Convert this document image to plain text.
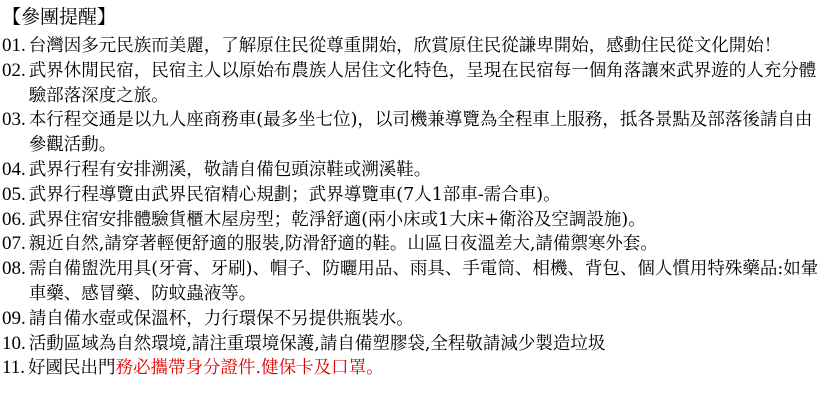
【參團提醒】
01. 台灣因多元民族而美麗，了解原住民從尊重開始，欣賞原住民從謙卑開始，感動住民從文化開始！
02. 武界休閒民宿，民宿主人以原始布農族人居住文化特色，呈現在民宿每一個角落讓來武界遊的人充分體驗部落深度之旅。
03. 本行程交通是以九人座商務車(最多坐七位)，以司機兼導覽為全程車上服務，抵各景點及部落後請自由參觀活動。
04. 武界行程有安排溯溪，敬請自備包頭涼鞋或溯溪鞋。
05. 武界行程導覽由武界民宿精心規劃；武界導覽車(7人1部車-需合車)。
06. 武界住宿安排體驗貨櫃木屋房型；乾淨舒適(兩小床或1大床+衛浴及空調設施)。
07. 親近自然,請穿著輕便舒適的服裝,防滑舒適的鞋。山區日夜溫差大,請備禦寒外套。
08. 需自備盥洗用具(牙膏、牙刷)、帽子、防曬用品、雨具、手電筒、相機、背包、個人慣用特殊藥品:如暈車藥、感冒藥、防蚊蟲液等。
09. 請自備水壺或保溫杯，力行環保不另提供瓶裝水。
10. 活動區域為自然環境,請注重環境保護,請自備塑膠袋,全程敬請減少製造垃圾
11. 好國民出門務必攜帶身分證件.健保卡及口罩。
